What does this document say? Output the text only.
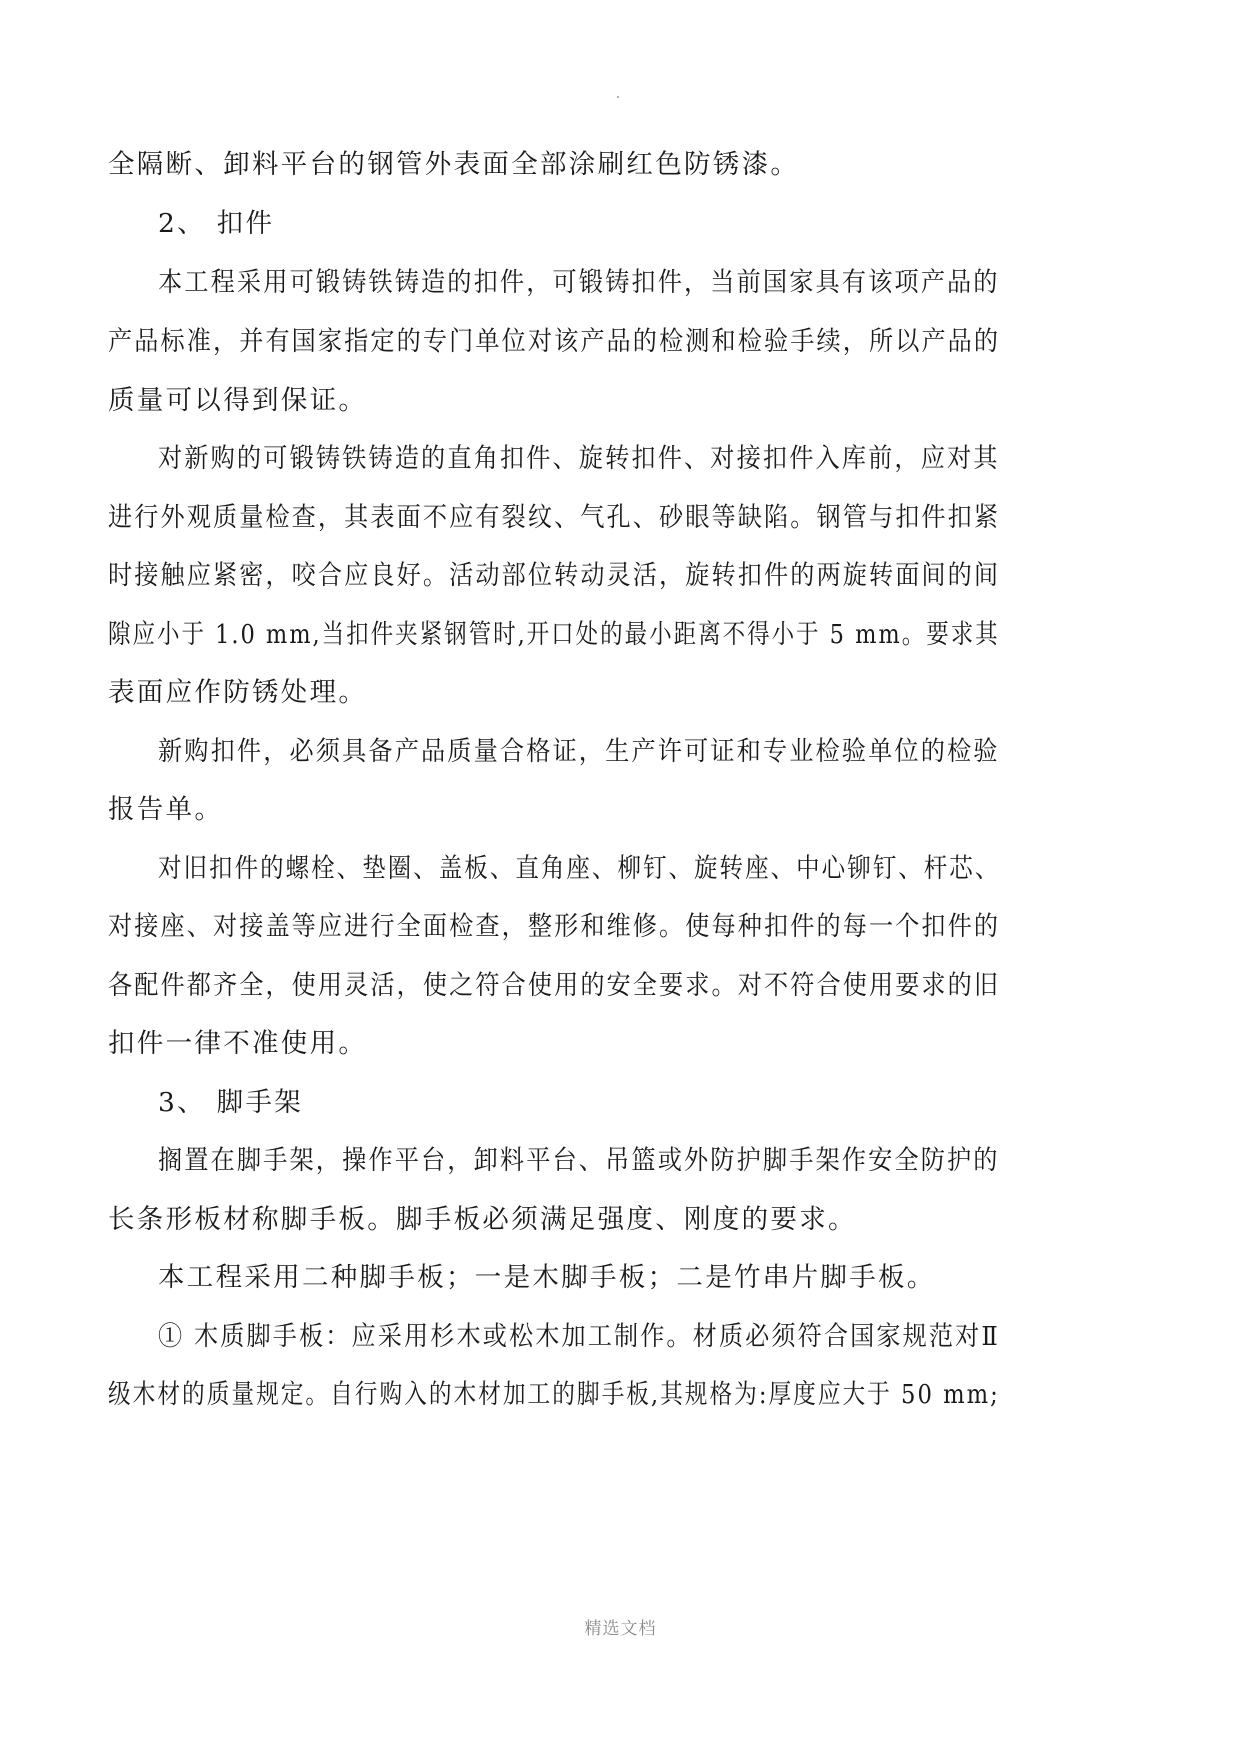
全隔断、卸料平台的钢管外表面全部涂刷红色防锈漆。
2、 扣件
本工程采用可锻铸铁铸造的扣件，可锻铸扣件，当前国家具有该项产品的
产品标准，并有国家指定的专门单位对该产品的检测和检验手续，所以产品的
质量可以得到保证。
对新购的可锻铸铁铸造的直角扣件、旋转扣件、对接扣件入库前，应对其
进行外观质量检查，其表面不应有裂纹、气孔、砂眼等缺陷。钢管与扣件扣紧
时接触应紧密，咬合应良好。活动部位转动灵活，旋转扣件的两旋转面间的间
隙应小于 1.0 mm,当扣件夹紧钢管时,开口处的最小距离不得小于 5 mm。要求其
表面应作防锈处理。
新购扣件，必须具备产品质量合格证，生产许可证和专业检验单位的检验
报告单。
对旧扣件的螺栓、垫圈、盖板、直角座、柳钉、旋转座、中心铆钉、杆芯、
对接座、对接盖等应进行全面检查，整形和维修。使每种扣件的每一个扣件的
各配件都齐全，使用灵活，使之符合使用的安全要求。对不符合使用要求的旧
扣件一律不准使用。
3、 脚手架
搁置在脚手架，操作平台，卸料平台、吊篮或外防护脚手架作安全防护的
长条形板材称脚手板。脚手板必须满足强度、刚度的要求。
本工程采用二种脚手板；一是木脚手板；二是竹串片脚手板。
① 木质脚手板：应采用杉木或松木加工制作。材质必须符合国家规范对Ⅱ
级木材的质量规定。自行购入的木材加工的脚手板,其规格为:厚度应大于 50 mm;
精选文档
